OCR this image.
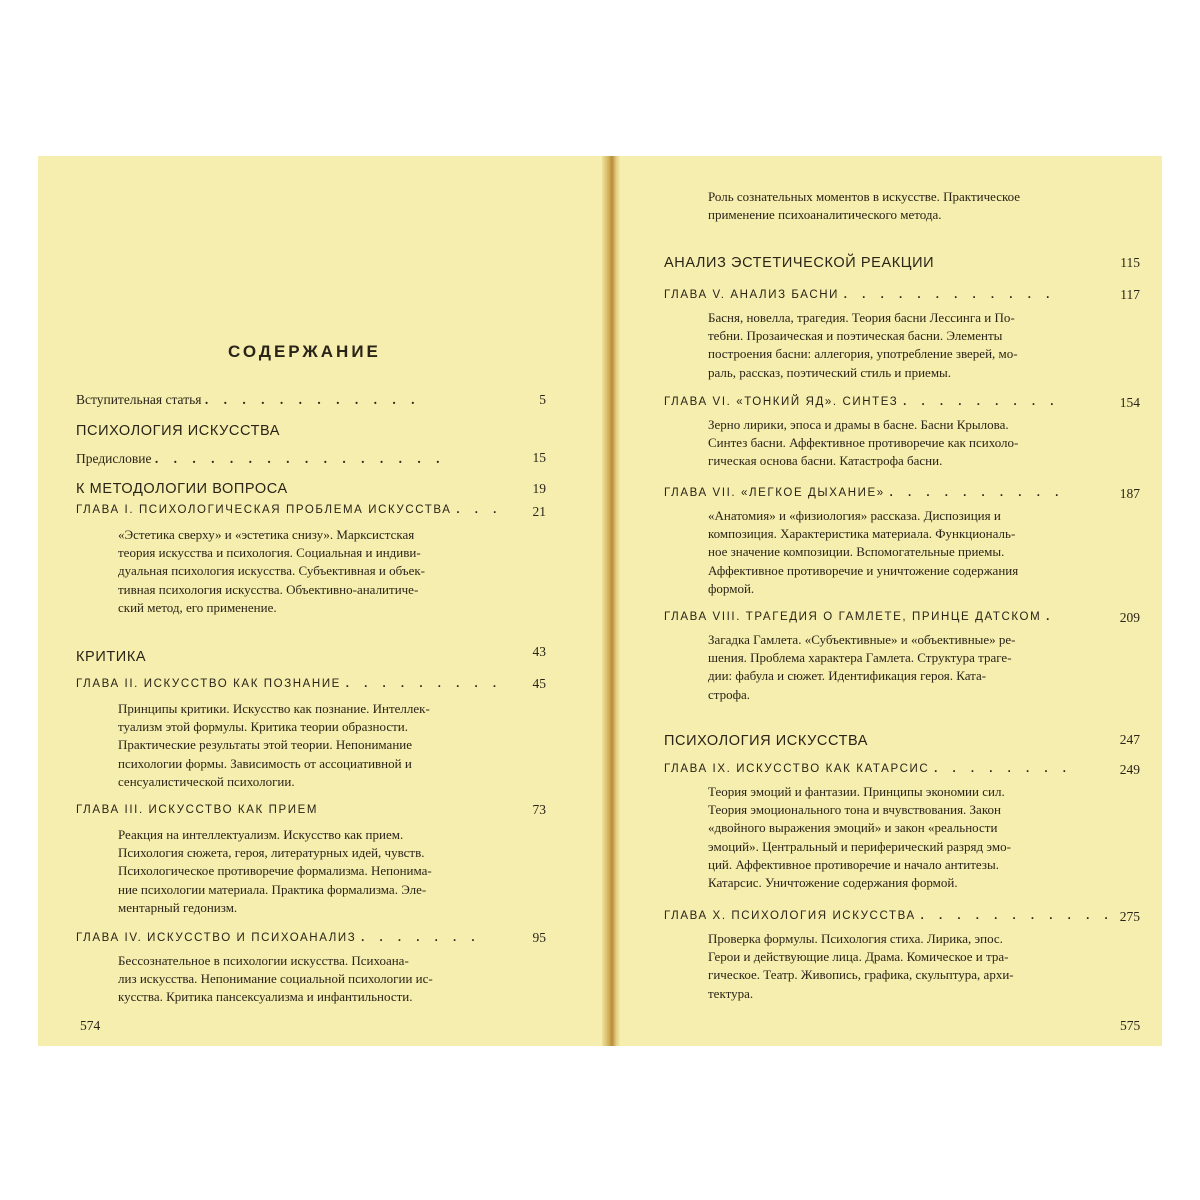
СОДЕРЖАНИЕ
Вступительная статья . . . . . . . . . . . .	5
ПСИХОЛОГИЯ ИСКУССТВА
Предисловие . . . . . . . . . . . . . . . .	15
К МЕТОДОЛОГИИ ВОПРОСА	19
ГЛАВА I. ПСИХОЛОГИЧЕСКАЯ ПРОБЛЕМА ИСКУССТВА . . .	21
«Эстетика сверху» и «эстетика снизу». Марксистская
теория искусства и психология. Социальная и индиви-
дуальная психология искусства. Субъективная и объек-
тивная психология искусства. Объективно-аналитиче-
ский метод, его применение.
КРИТИКА	43
ГЛАВА II. ИСКУССТВО КАК ПОЗНАНИЕ . . . . . . . . .	45
Принципы критики. Искусство как познание. Интеллек-
туализм этой формулы. Критика теории образности.
Практические результаты этой теории. Непонимание
психологии формы. Зависимость от ассоциативной и
сенсуалистической психологии.
ГЛАВА III. ИСКУССТВО КАК ПРИЕМ	73
Реакция на интеллектуализм. Искусство как прием.
Психология сюжета, героя, литературных идей, чувств.
Психологическое противоречие формализма. Непонима-
ние психологии материала. Практика формализма. Эле-
ментарный гедонизм.
ГЛАВА IV. ИСКУССТВО И ПСИХОАНАЛИЗ . . . . . . .	95
Бессознательное в психологии искусства. Психоана-
лиз искусства. Непонимание социальной психологии ис-
кусства. Критика пансексуализма и инфантильности.
574
Роль сознательных моментов в искусстве. Практическое
применение психоаналитического метода.
АНАЛИЗ ЭСТЕТИЧЕСКОЙ РЕАКЦИИ	115
ГЛАВА V. АНАЛИЗ БАСНИ . . . . . . . . . . . .	117
Басня, новелла, трагедия. Теория басни Лессинга и По-
тебни. Прозаическая и поэтическая басни. Элементы
построения басни: аллегория, употребление зверей, мо-
раль, рассказ, поэтический стиль и приемы.
ГЛАВА VI. «ТОНКИЙ ЯД». СИНТЕЗ . . . . . . . . .	154
Зерно лирики, эпоса и драмы в басне. Басни Крылова.
Синтез басни. Аффективное противоречие как психоло-
гическая основа басни. Катастрофа басни.
ГЛАВА VII. «ЛЕГКОЕ ДЫХАНИЕ» . . . . . . . . . .	187
«Анатомия» и «физиология» рассказа. Диспозиция и
композиция. Характеристика материала. Функциональ-
ное значение композиции. Вспомогательные приемы.
Аффективное противоречие и уничтожение содержания
формой.
ГЛАВА VIII. ТРАГЕДИЯ О ГАМЛЕТЕ, ПРИНЦЕ ДАТСКОМ .	209
Загадка Гамлета. «Субъективные» и «объективные» ре-
шения. Проблема характера Гамлета. Структура траге-
дии: фабула и сюжет. Идентификация героя. Ката-
строфа.
ПСИХОЛОГИЯ ИСКУССТВА	247
ГЛАВА IX. ИСКУССТВО КАК КАТАРСИС . . . . . . . .	249
Теория эмоций и фантазии. Принципы экономии сил.
Теория эмоционального тона и вчувствования. Закон
«двойного выражения эмоций» и закон «реальности
эмоций». Центральный и периферический разряд эмо-
ций. Аффективное противоречие и начало антитезы.
Катарсис. Уничтожение содержания формой.
ГЛАВА X. ПСИХОЛОГИЯ ИСКУССТВА . . . . . . . . . . . 275
Проверка формулы. Психология стиха. Лирика, эпос.
Герои и действующие лица. Драма. Комическое и тра-
гическое. Театр. Живопись, графика, скульптура, архи-
тектура.
575
